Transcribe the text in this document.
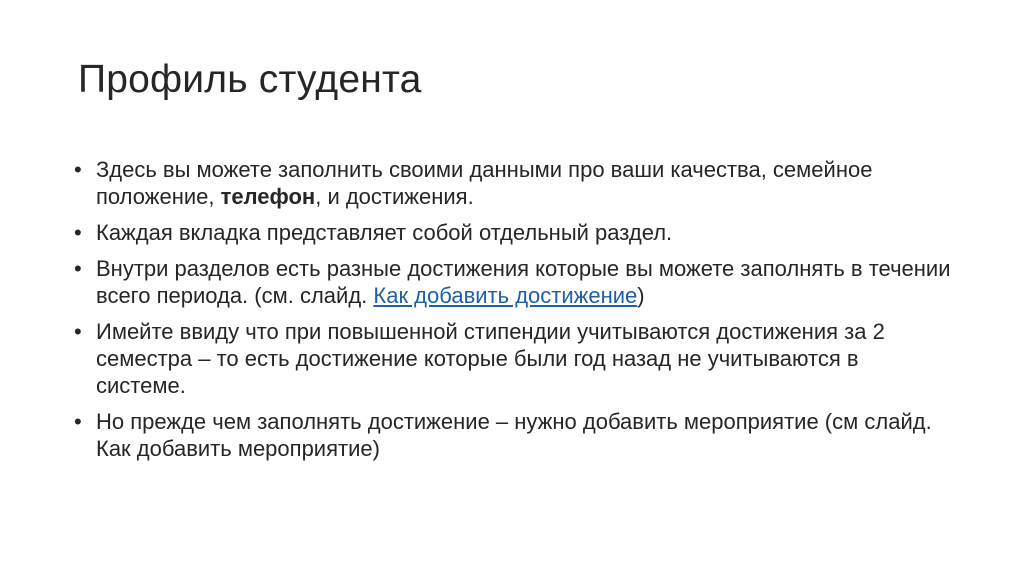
Профиль студента
• Здесь вы можете заполнить своими данными про ваши качества, семейное положение, телефон, и достижения.
• Каждая вкладка представляет собой отдельный раздел.
• Внутри разделов есть разные достижения которые вы можете заполнять в течении всего периода. (см. слайд. Как добавить достижение)
• Имейте ввиду что при повышенной стипендии учитываются достижения за 2 семестра – то есть достижение которые были год назад не учитываются в системе.
• Но прежде чем заполнять достижение – нужно добавить мероприятие (см слайд. Как добавить мероприятие)
